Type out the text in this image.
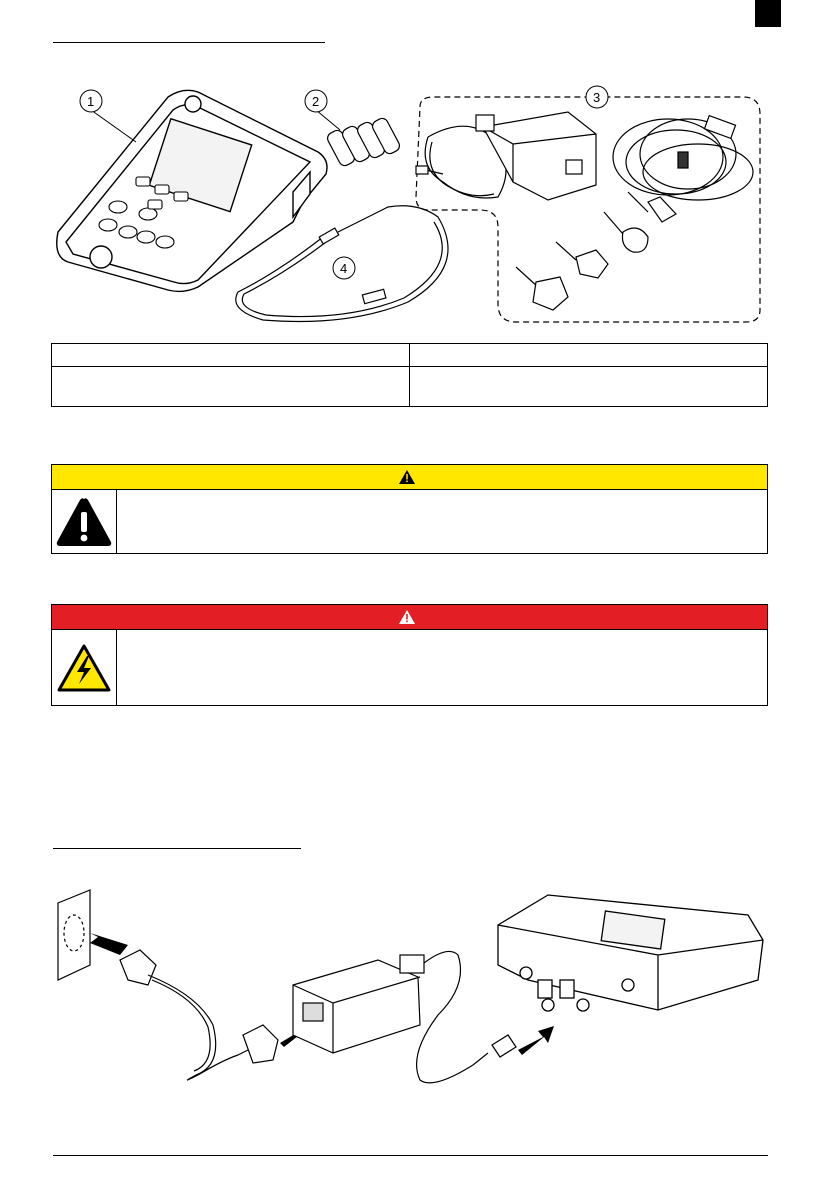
1	2
4
3
